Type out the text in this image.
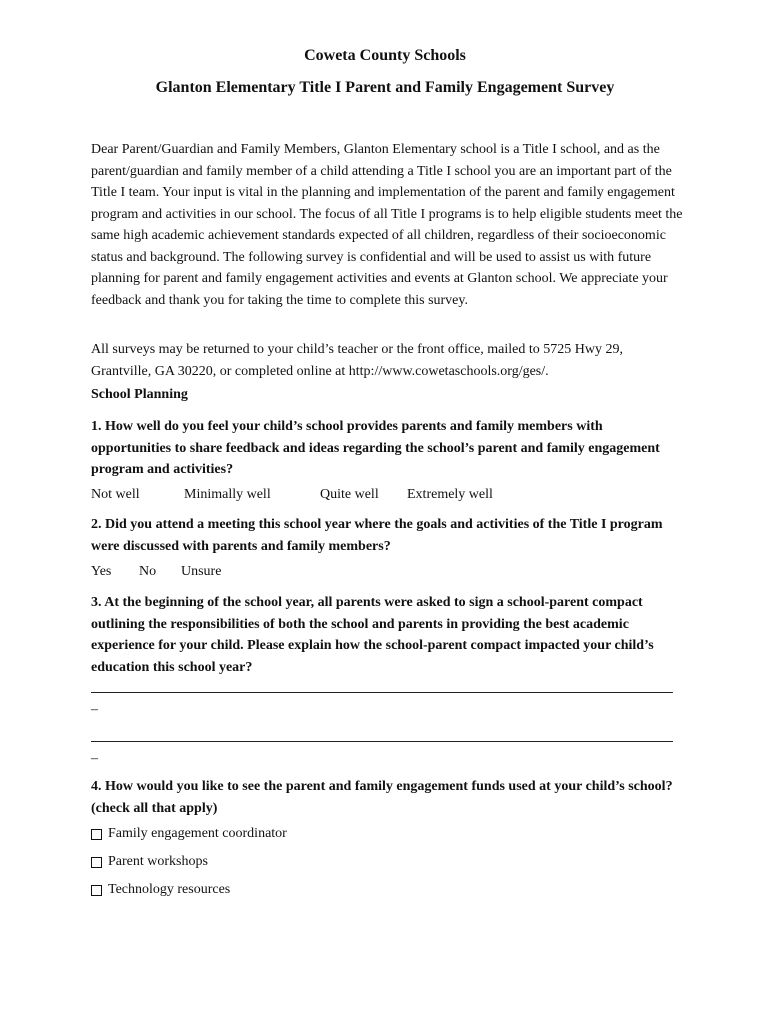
Coweta County Schools
Glanton Elementary Title I Parent and Family Engagement Survey
Dear Parent/Guardian and Family Members, Glanton Elementary school is a Title I school, and as the parent/guardian and family member of a child attending a Title I school you are an important part of the Title I team. Your input is vital in the planning and implementation of the parent and family engagement program and activities in our school. The focus of all Title I programs is to help eligible students meet the same high academic achievement standards expected of all children, regardless of their socioeconomic status and background. The following survey is confidential and will be used to assist us with future planning for parent and family engagement activities and events at Glanton school. We appreciate your feedback and thank you for taking the time to complete this survey.
All surveys may be returned to your child’s teacher or the front office, mailed to 5725 Hwy 29, Grantville, GA 30220, or completed online at http://www.cowetaschools.org/ges/.
School Planning
1. How well do you feel your child’s school provides parents and family members with opportunities to share feedback and ideas regarding the school’s parent and family engagement program and activities?
Not well	Minimally well	Quite well Extremely well
2. Did you attend a meeting this school year where the goals and activities of the Title I program were discussed with parents and family members?
Yes No Unsure
3. At the beginning of the school year, all parents were asked to sign a school-parent compact outlining the responsibilities of both the school and parents in providing the best academic experience for your child. Please explain how the school-parent compact impacted your child’s education this school year?
–
–
4. How would you like to see the parent and family engagement funds used at your child’s school? (check all that apply)
Family engagement coordinator
Parent workshops
Technology resources
